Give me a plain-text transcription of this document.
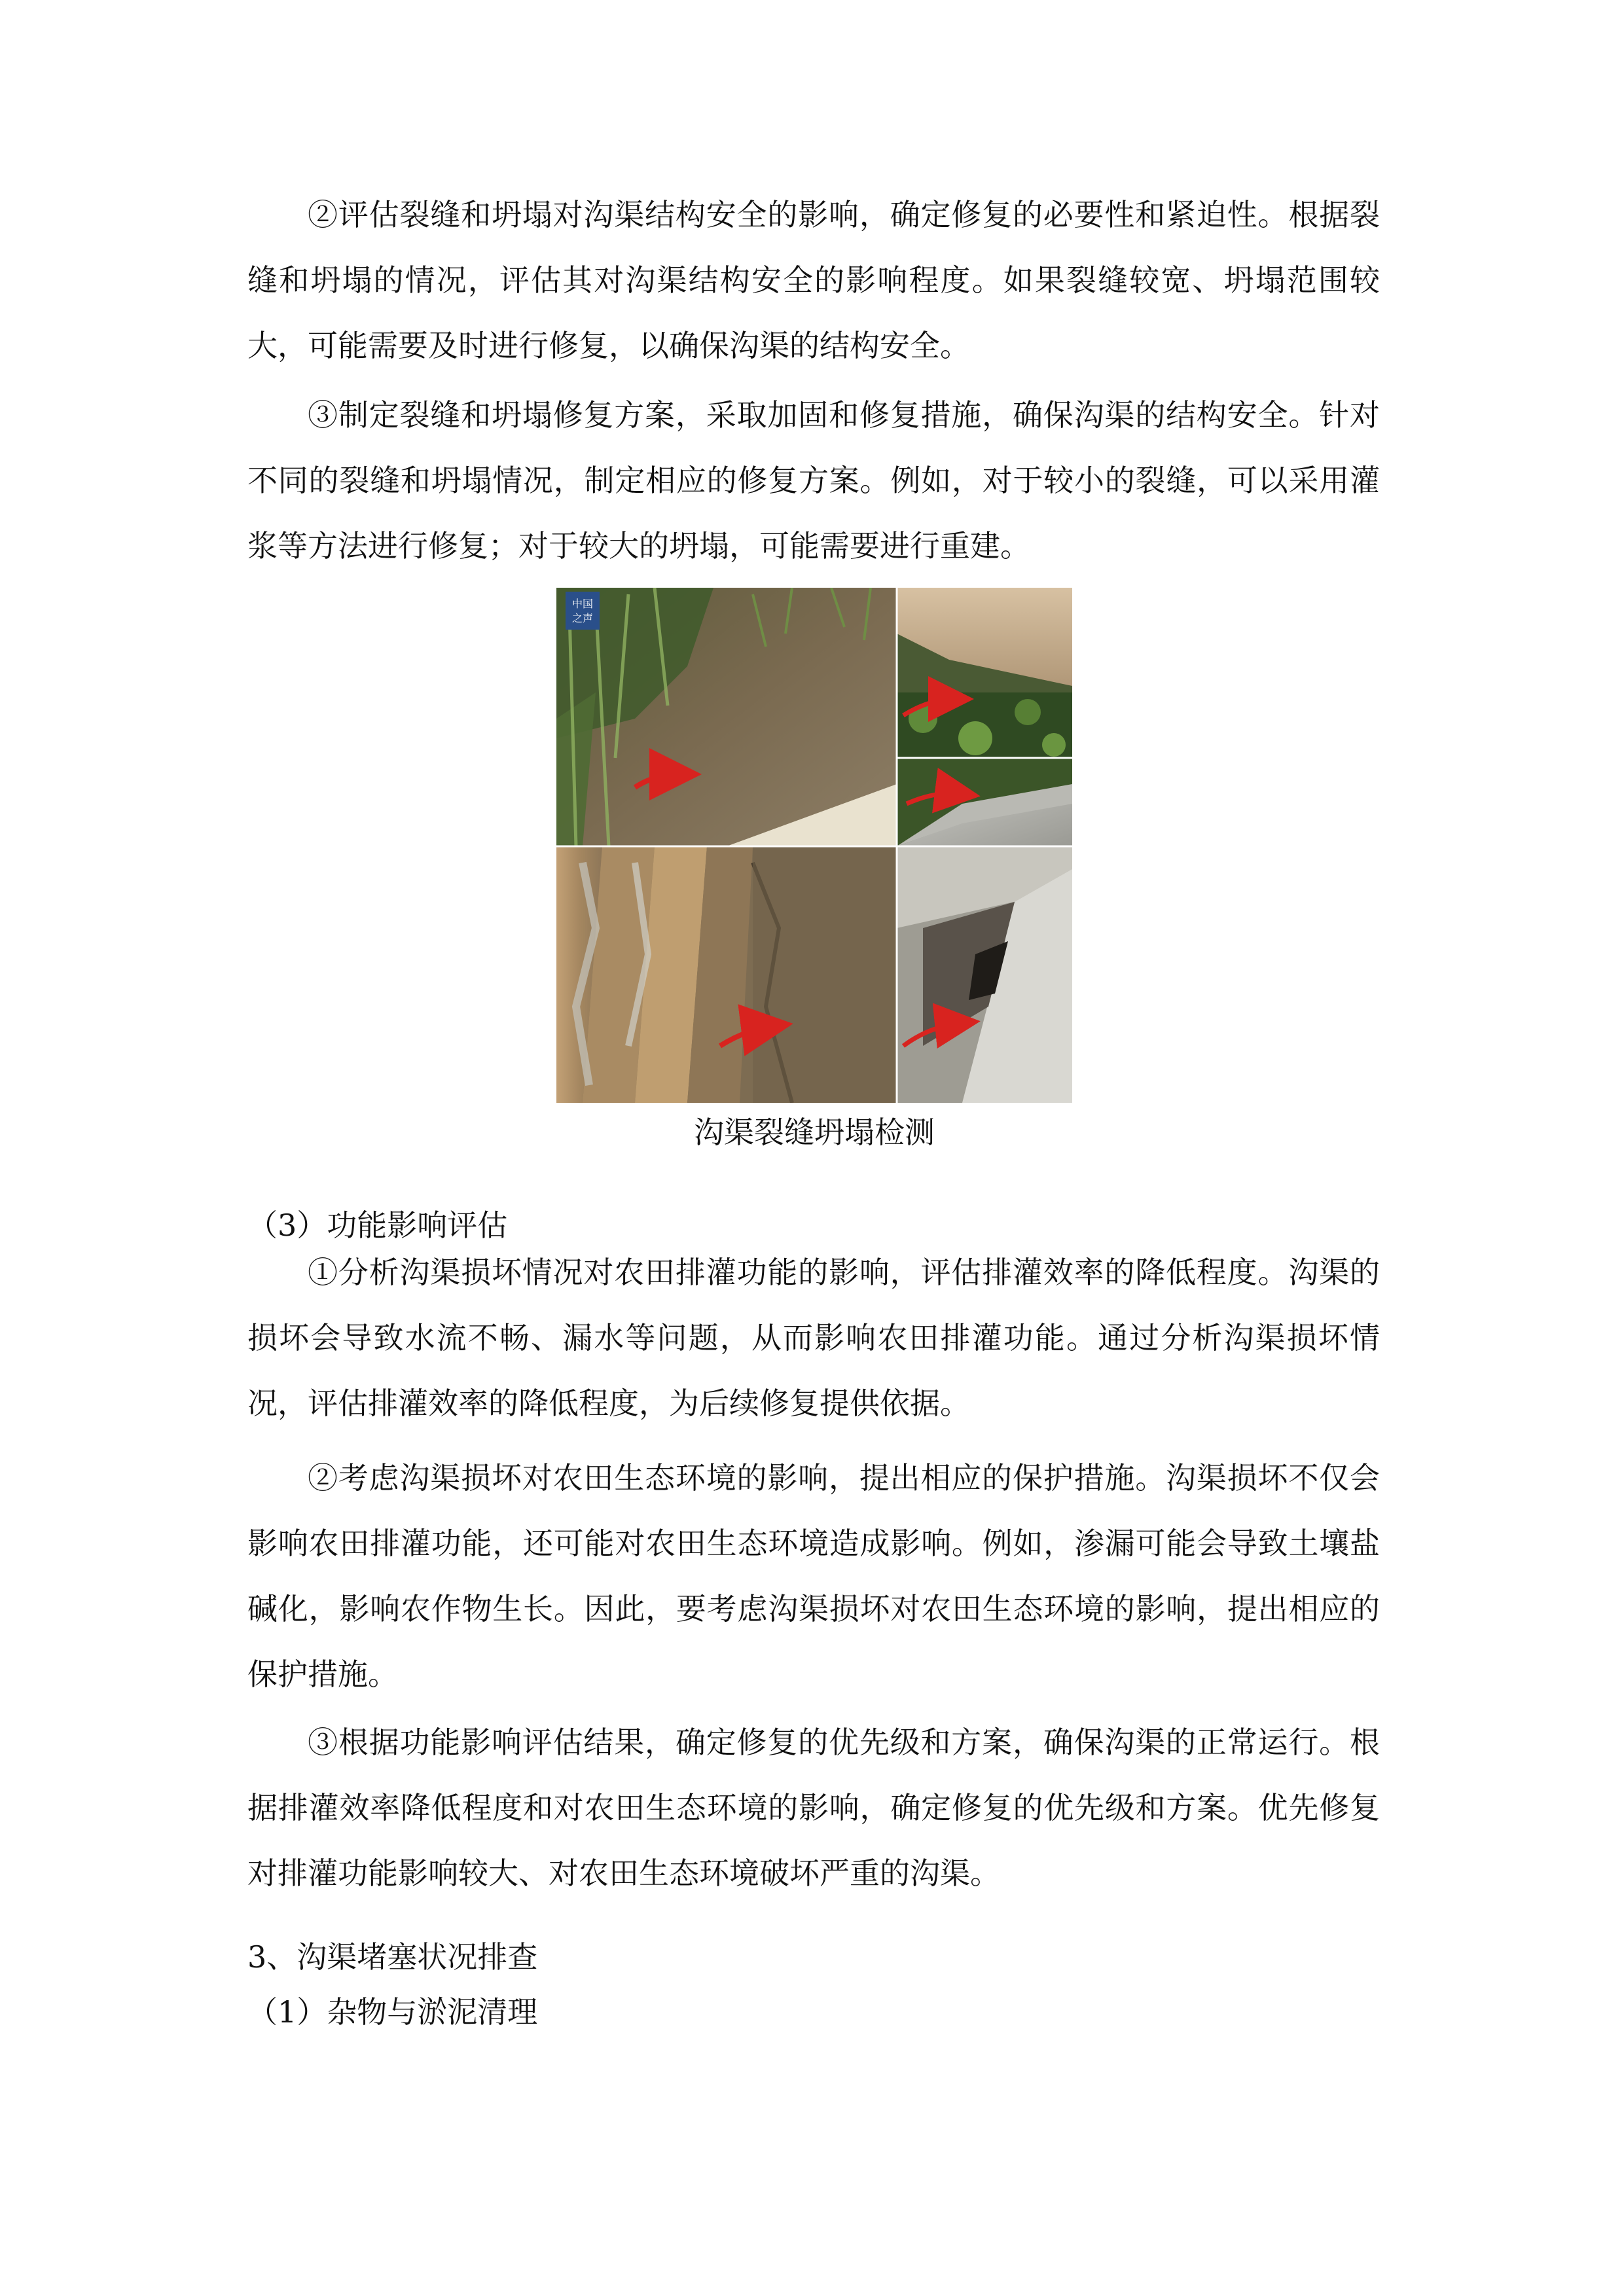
②评估裂缝和坍塌对沟渠结构安全的影响，确定修复的必要性和紧迫性。根据裂缝和坍塌的情况，评估其对沟渠结构安全的影响程度。如果裂缝较宽、坍塌范围较大，可能需要及时进行修复，以确保沟渠的结构安全。

③制定裂缝和坍塌修复方案，采取加固和修复措施，确保沟渠的结构安全。针对不同的裂缝和坍塌情况，制定相应的修复方案。例如，对于较小的裂缝，可以采用灌浆等方法进行修复；对于较大的坍塌，可能需要进行重建。

中国
之声

沟渠裂缝坍塌检测

（3）功能影响评估

①分析沟渠损坏情况对农田排灌功能的影响，评估排灌效率的降低程度。沟渠的损坏会导致水流不畅、漏水等问题，从而影响农田排灌功能。通过分析沟渠损坏情况，评估排灌效率的降低程度，为后续修复提供依据。

②考虑沟渠损坏对农田生态环境的影响，提出相应的保护措施。沟渠损坏不仅会影响农田排灌功能，还可能对农田生态环境造成影响。例如，渗漏可能会导致土壤盐碱化，影响农作物生长。因此，要考虑沟渠损坏对农田生态环境的影响，提出相应的保护措施。

③根据功能影响评估结果，确定修复的优先级和方案，确保沟渠的正常运行。根据排灌效率降低程度和对农田生态环境的影响，确定修复的优先级和方案。优先修复对排灌功能影响较大、对农田生态环境破坏严重的沟渠。

3、沟渠堵塞状况排查

（1）杂物与淤泥清理
